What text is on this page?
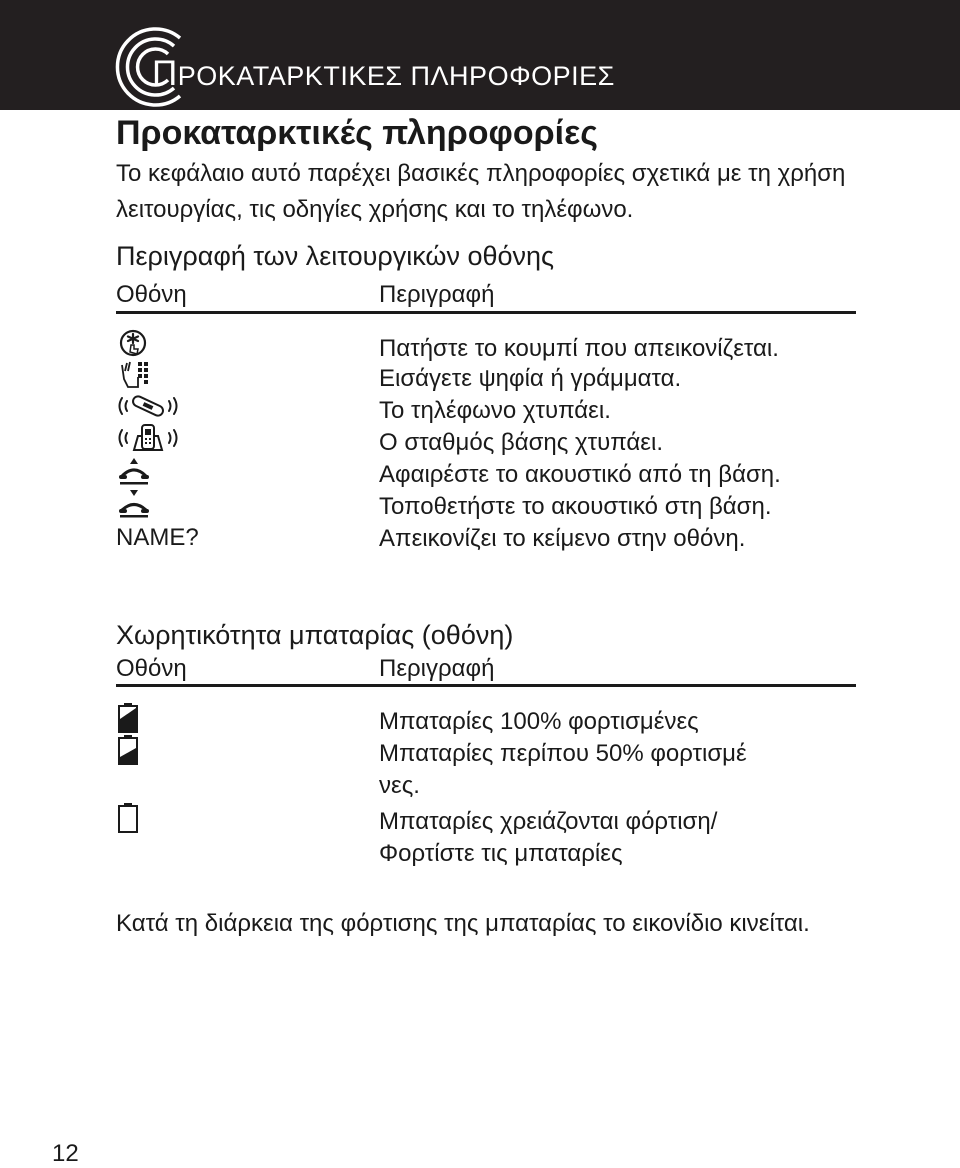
ΠΡΟΚΑΤΑΡΚΤΙΚΕΣ ΠΛΗΡΟΦΟΡΙΕΣ
Προκαταρκτικές πληροφορίες
Το κεφάλαιο αυτό παρέχει βασικές πληροφορίες σχετικά με τη χρήση λειτουργίας, τις οδηγίες χρήσης και το τηλέφωνο.
Περιγραφή των λειτουργικών οθόνης
Οθόνη	Περιγραφή
Πατήστε το κουμπί που απεικονίζεται.
Εισάγετε ψηφία ή γράμματα.
Το τηλέφωνο χτυπάει.
Ο σταθμός βάσης χτυπάει.
Αφαιρέστε το ακουστικό από τη βάση.
Τοποθετήστε το ακουστικό στη βάση.
NAME?	Απεικονίζει το κείμενο στην οθόνη.
Χωρητικότητα μπαταρίας (οθόνη)
Οθόνη	Περιγραφή
Μπαταρίες 100% φορτισμένες
Μπαταρίες περίπου 50% φορτισμέ
νες.
Μπαταρίες χρειάζονται φόρτιση/
Φορτίστε τις μπαταρίες
Κατά τη διάρκεια της φόρτισης της μπαταρίας το εικονίδιο κινείται.
12
